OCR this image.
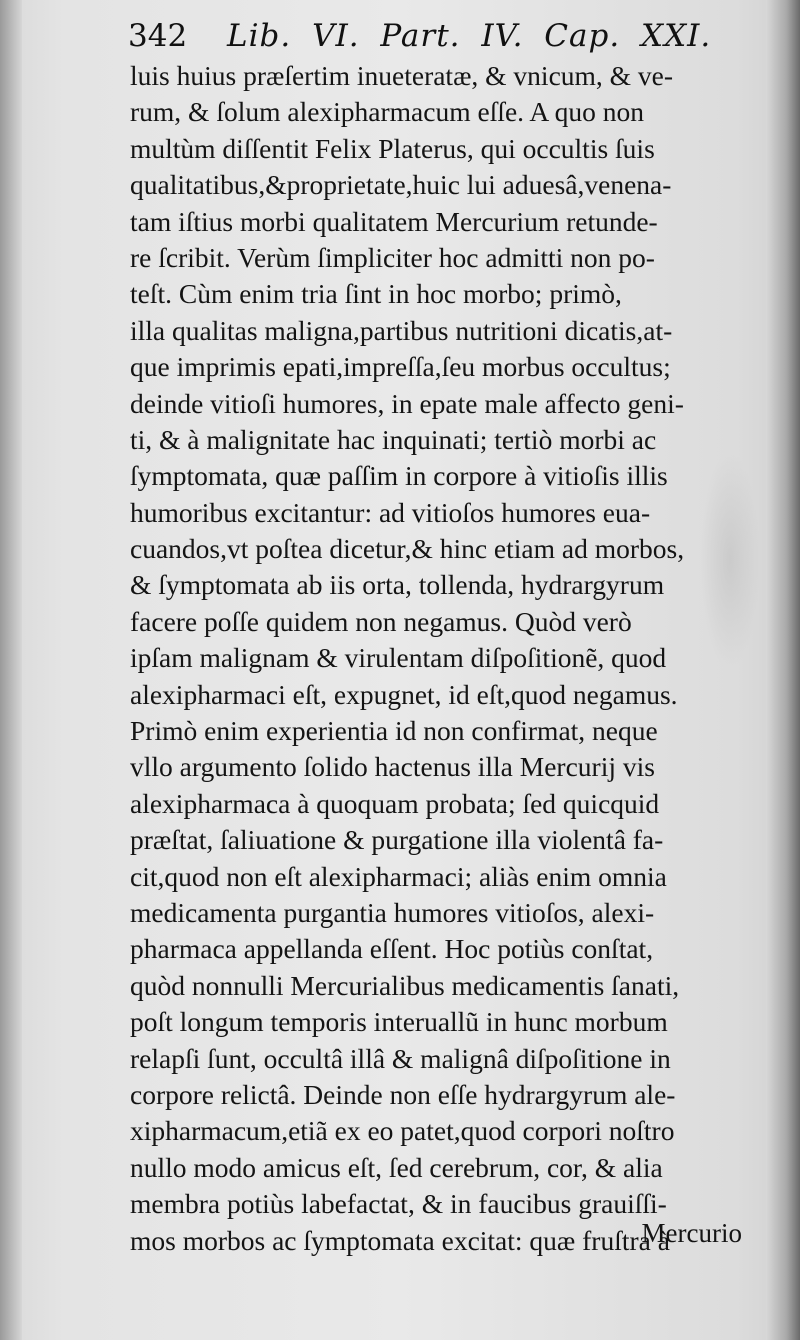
342 Lib. VI. Part. IV. Cap. XXI.
luis huius præſertim inueteratæ, & vnicum, & ve-
rum, & ſolum alexipharmacum eſſe. A quo non
multùm diſſentit Felix Platerus, qui occultis ſuis
qualitatibus,&proprietate,huic lui aduesâ,venena-
tam iſtius morbi qualitatem Mercurium retunde-
re ſcribit. Verùm ſimpliciter hoc admitti non po-
teſt. Cùm enim tria ſint in hoc morbo; primò,
illa qualitas maligna,partibus nutritioni dicatis,at-
que imprimis epati,impreſſa,ſeu morbus occultus;
deinde vitioſi humores, in epate male affecto geni-
ti, & à malignitate hac inquinati; tertiò morbi ac
ſymptomata, quæ paſſim in corpore à vitioſis illis
humoribus excitantur: ad vitioſos humores eua-
cuandos,vt poſtea dicetur,& hinc etiam ad morbos,
& ſymptomata ab iis orta, tollenda, hydrargyrum
facere poſſe quidem non negamus. Quòd verò
ipſam malignam & virulentam diſpoſitionẽ, quod
alexipharmaci eſt, expugnet, id eſt,quod negamus.
Primò enim experientia id non confirmat, neque
vllo argumento ſolido hactenus illa Mercurij vis
alexipharmaca à quoquam probata; ſed quicquid
præſtat, ſaliuatione & purgatione illa violentâ fa-
cit,quod non eſt alexipharmaci; aliàs enim omnia
medicamenta purgantia humores vitioſos, alexi-
pharmaca appellanda eſſent. Hoc potiùs conſtat,
quòd nonnulli Mercurialibus medicamentis ſanati,
poſt longum temporis interuallũ in hunc morbum
relapſi ſunt, occultâ illâ & malignâ diſpoſitione in
corpore relictâ. Deinde non eſſe hydrargyrum ale-
xipharmacum,etiã ex eo patet,quod corpori noſtro
nullo modo amicus eſt, ſed cerebrum, cor, & alia
membra potiùs labefactat, & in faucibus grauiſſi-
mos morbos ac ſymptomata excitat: quæ fruſtra à
Mercurio
